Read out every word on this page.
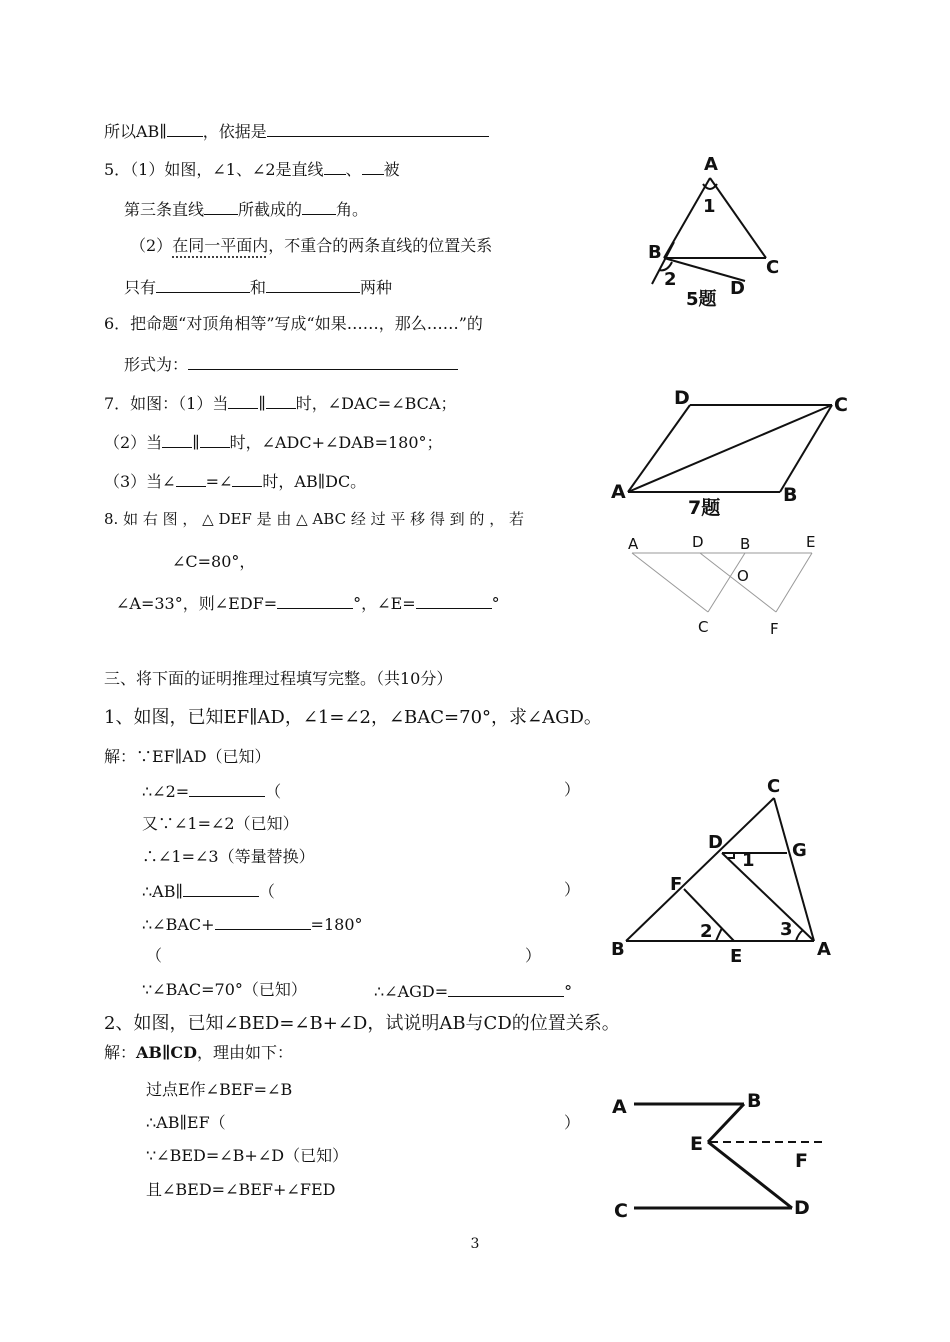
所以AB∥ ，依据是
5．（1）如图，∠1、∠2是直线 、 被
第三条直线 所截成的 角。
（2）在同一平面内，不重合的两条直线的位置关系
只有	和	两种
6．把命题“对顶角相等”写成“如果……，那么……”的
形式为：
7．如图：（1）当 ∥ 时，∠DAC=∠BCA；
（2）当 ∥ 时，∠ADC+∠DAB=180°；
（3）当∠ =∠ 时，AB∥DC。
8. 如 右 图 ， △ DEF 是 由 △ ABC 经 过 平 移 得 到 的 ， 若
∠C=80°，
∠A=33°，则∠EDF=	°，∠E=	°
三、将下面的证明推理过程填写完整。（共10分）
1、如图，已知EF∥AD，∠1=∠2，∠BAC=70°，求∠AGD。
解：∵EF∥AD（已知）
∴∠2=	（	）
又∵∠1=∠2（已知）
∴∠1=∠3（等量替换）
∴AB∥	（	）
∴∠BAC+	=180°
（	）
∵∠BAC=70°（已知）	∴∠AGD=	°
2、如图，已知∠BED=∠B+∠D，试说明AB与CD的位置关系。
解：AB∥CD，理由如下：
过点E作∠BEF=∠B
∴AB∥EF（	）
∵∠BED=∠B+∠D（已知）
且∠BED=∠BEF+∠FED
A
B
C
D
1
2
5题
D	C
A	B
7题
A	D B	E
O
C	F
C
D	G
1
F
B
2
E
3
A
A	B
E
F
C	D
3
